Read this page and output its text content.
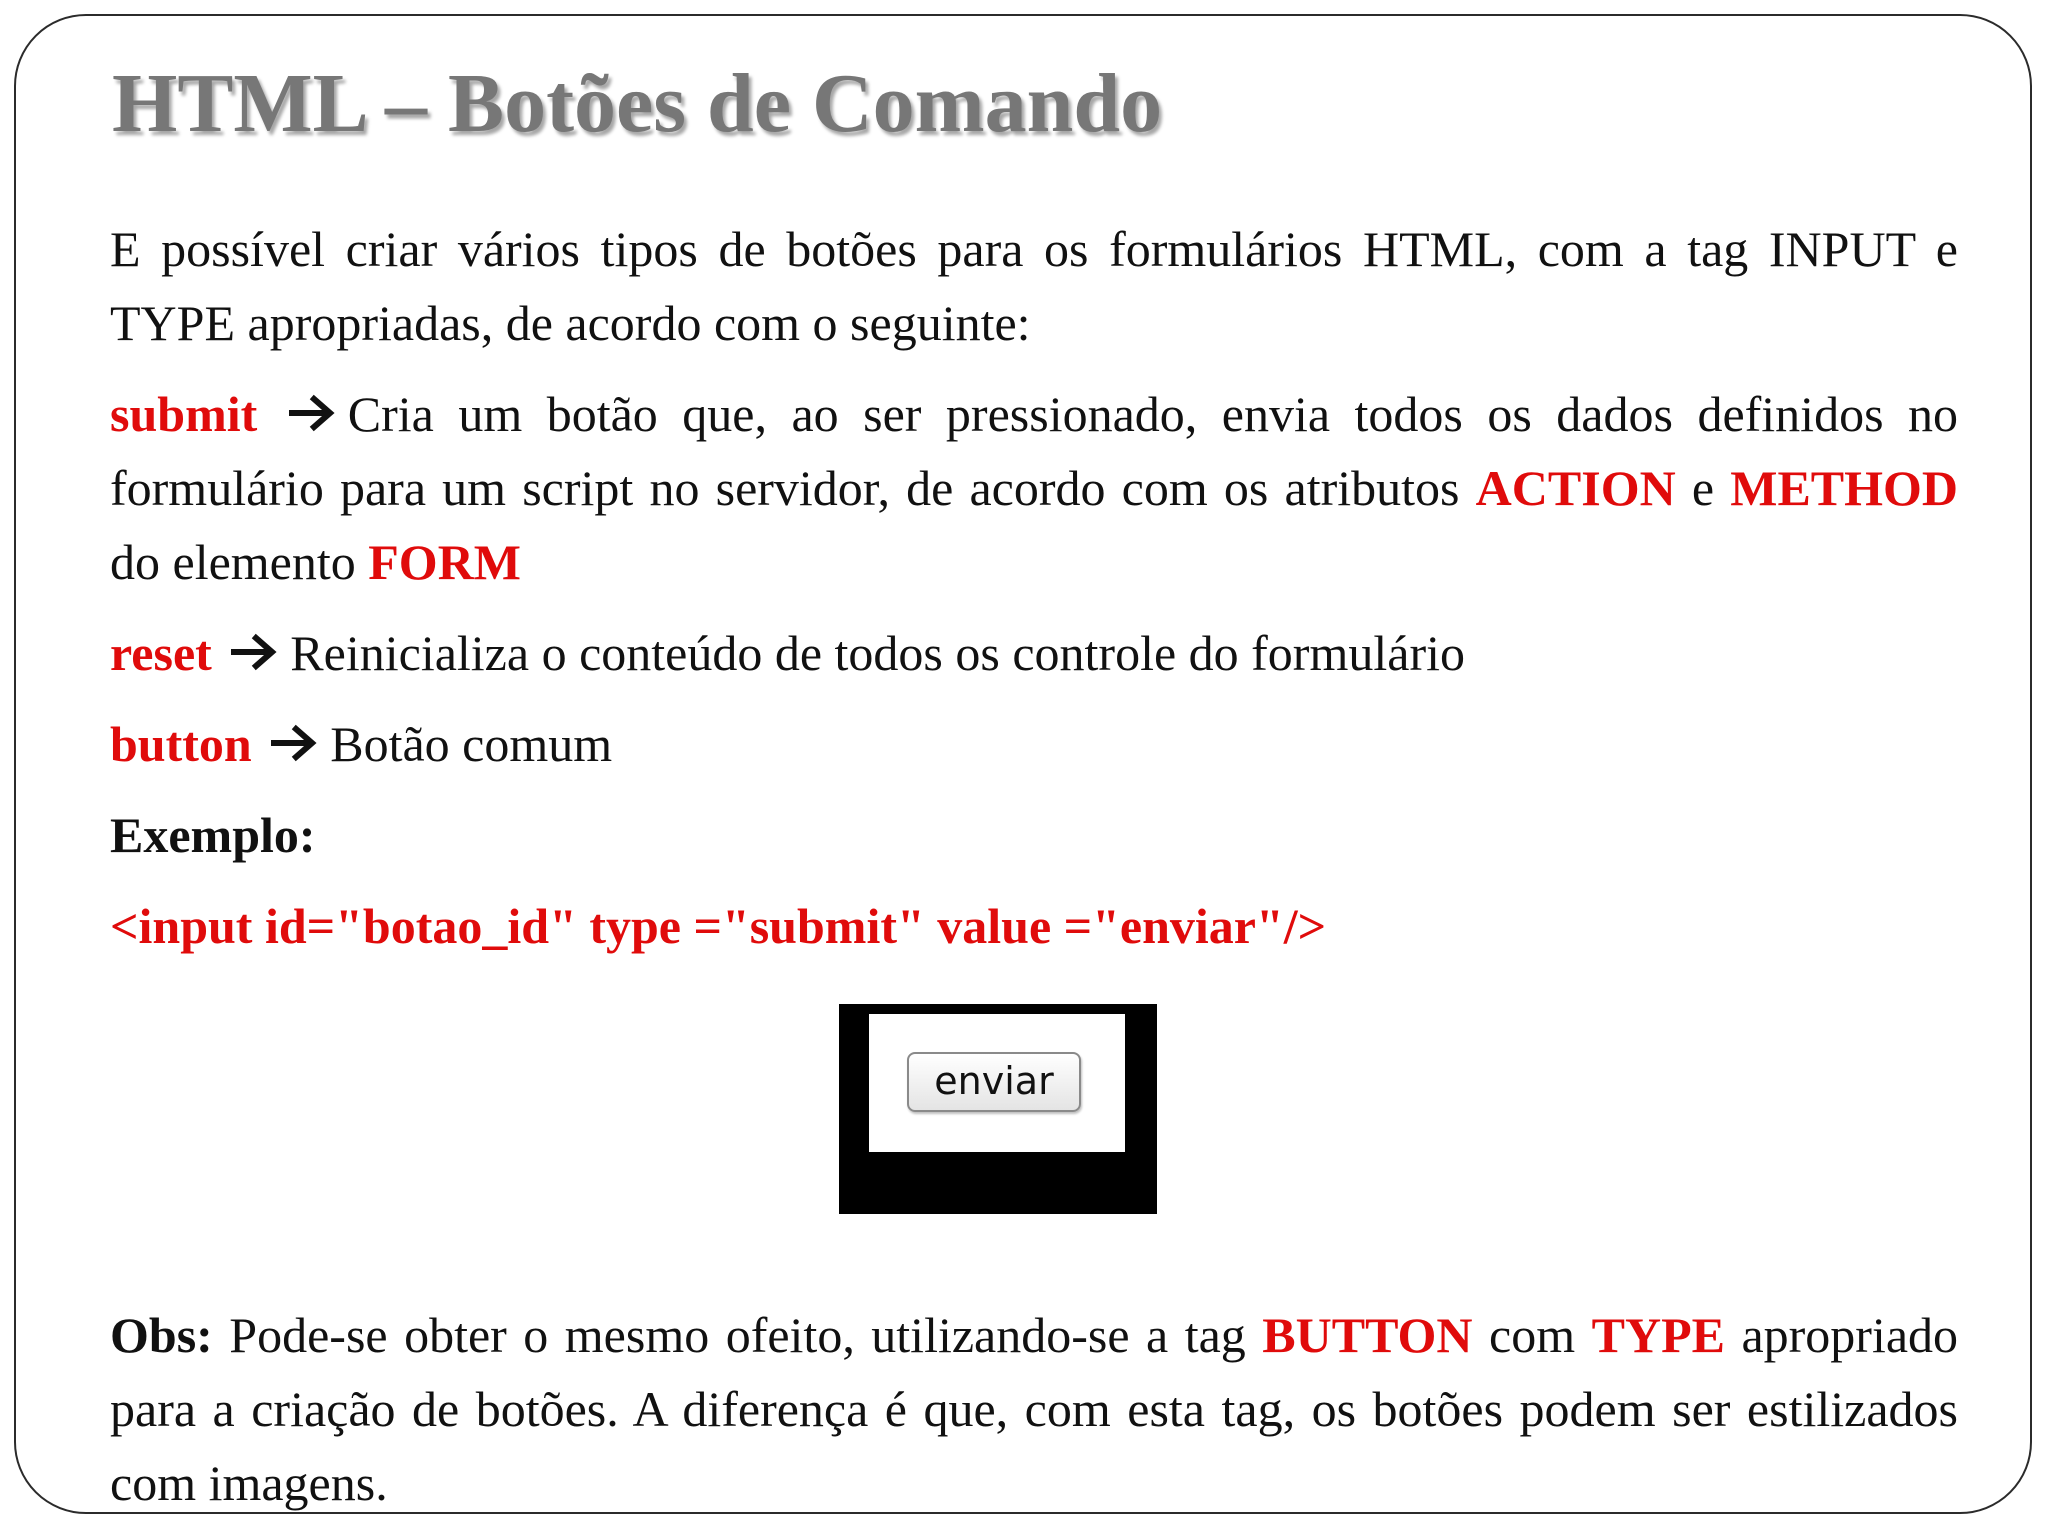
HTML – Botões de Comando

E possível criar vários tipos de botões para os formulários HTML, com a tag INPUT e TYPE apropriadas, de acordo com o seguinte:

submit Cria um botão que, ao ser pressionado, envia todos os dados definidos no formulário para um script no servidor, de acordo com os atributos ACTION e METHOD do elemento FORM

reset Reinicializa o conteúdo de todos os controle do formulário

button Botão comum

Exemplo:

<input id="botao_id" type ="submit" value ="enviar"/>

enviar

Obs: Pode-se obter o mesmo ofeito, utilizando-se a tag BUTTON com TYPE apropriado para a criação de botões. A diferença é que, com esta tag, os botões podem ser estilizados com imagens.
